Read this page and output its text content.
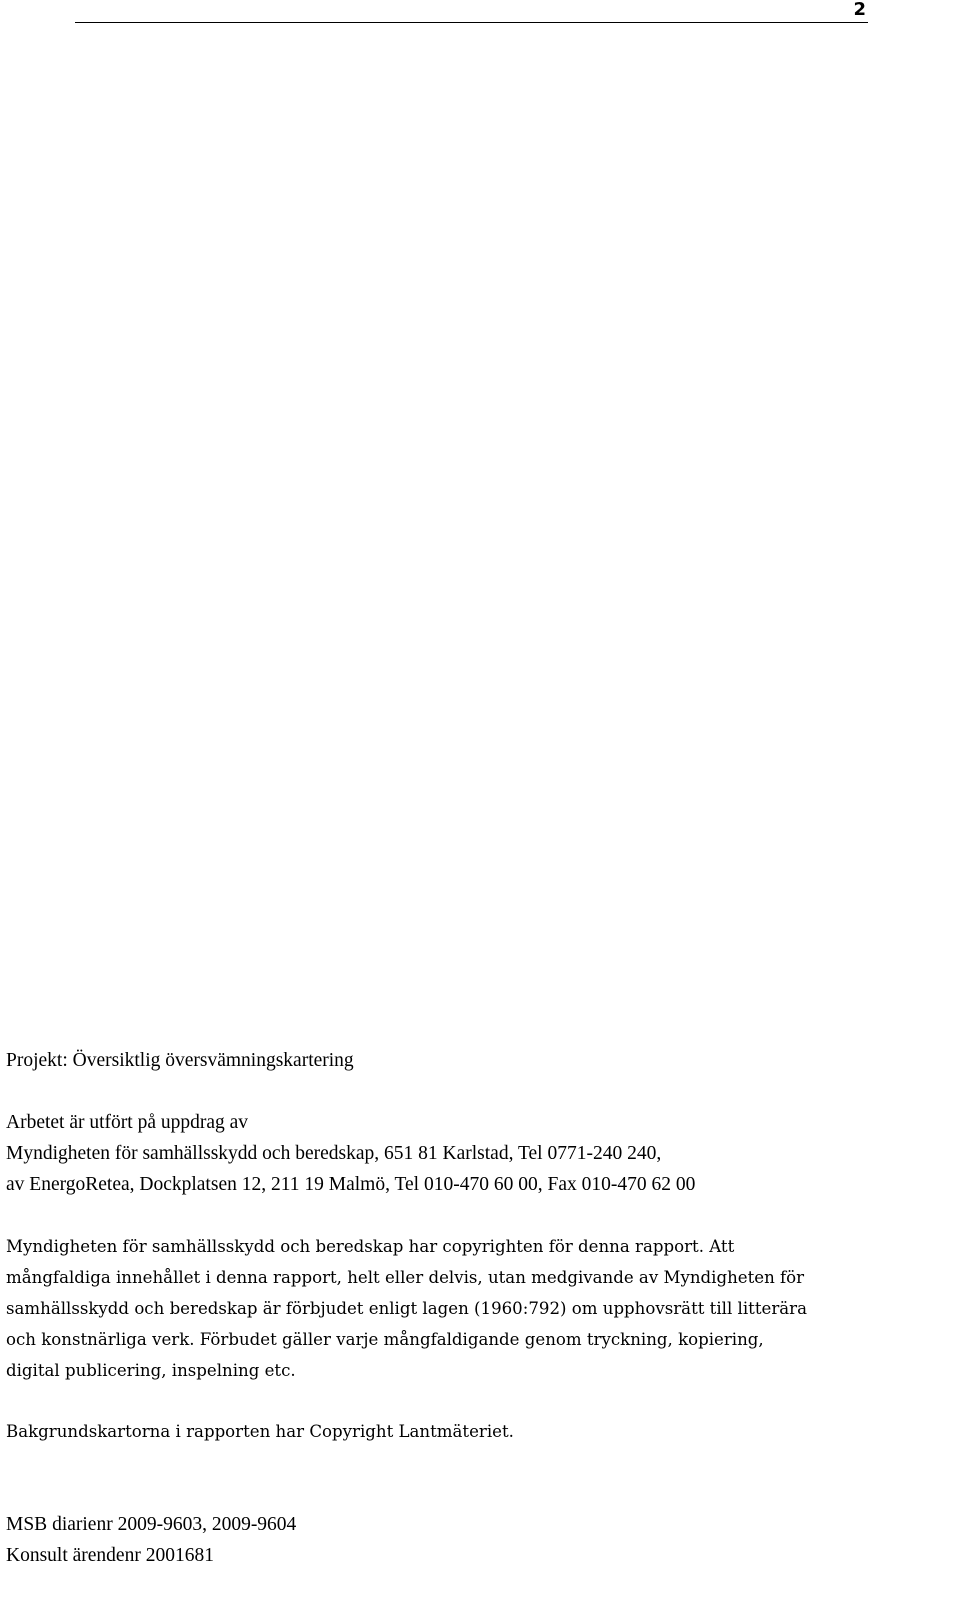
2
Projekt: Översiktlig översvämningskartering
Arbetet är utfört på uppdrag av
Myndigheten för samhällsskydd och beredskap, 651 81 Karlstad, Tel 0771-240 240,
av EnergoRetea, Dockplatsen 12, 211 19 Malmö, Tel 010-470 60 00, Fax 010-470 62 00
Myndigheten för samhällsskydd och beredskap har copyrighten för denna rapport. Att
mångfaldiga innehållet i denna rapport, helt eller delvis, utan medgivande av Myndigheten för
samhällsskydd och beredskap är förbjudet enligt lagen (1960:792) om upphovsrätt till litterära
och konstnärliga verk. Förbudet gäller varje mångfaldigande genom tryckning, kopiering,
digital publicering, inspelning etc.
Bakgrundskartorna i rapporten har Copyright Lantmäteriet.
MSB diarienr 2009-9603, 2009-9604
Konsult ärendenr 2001681
